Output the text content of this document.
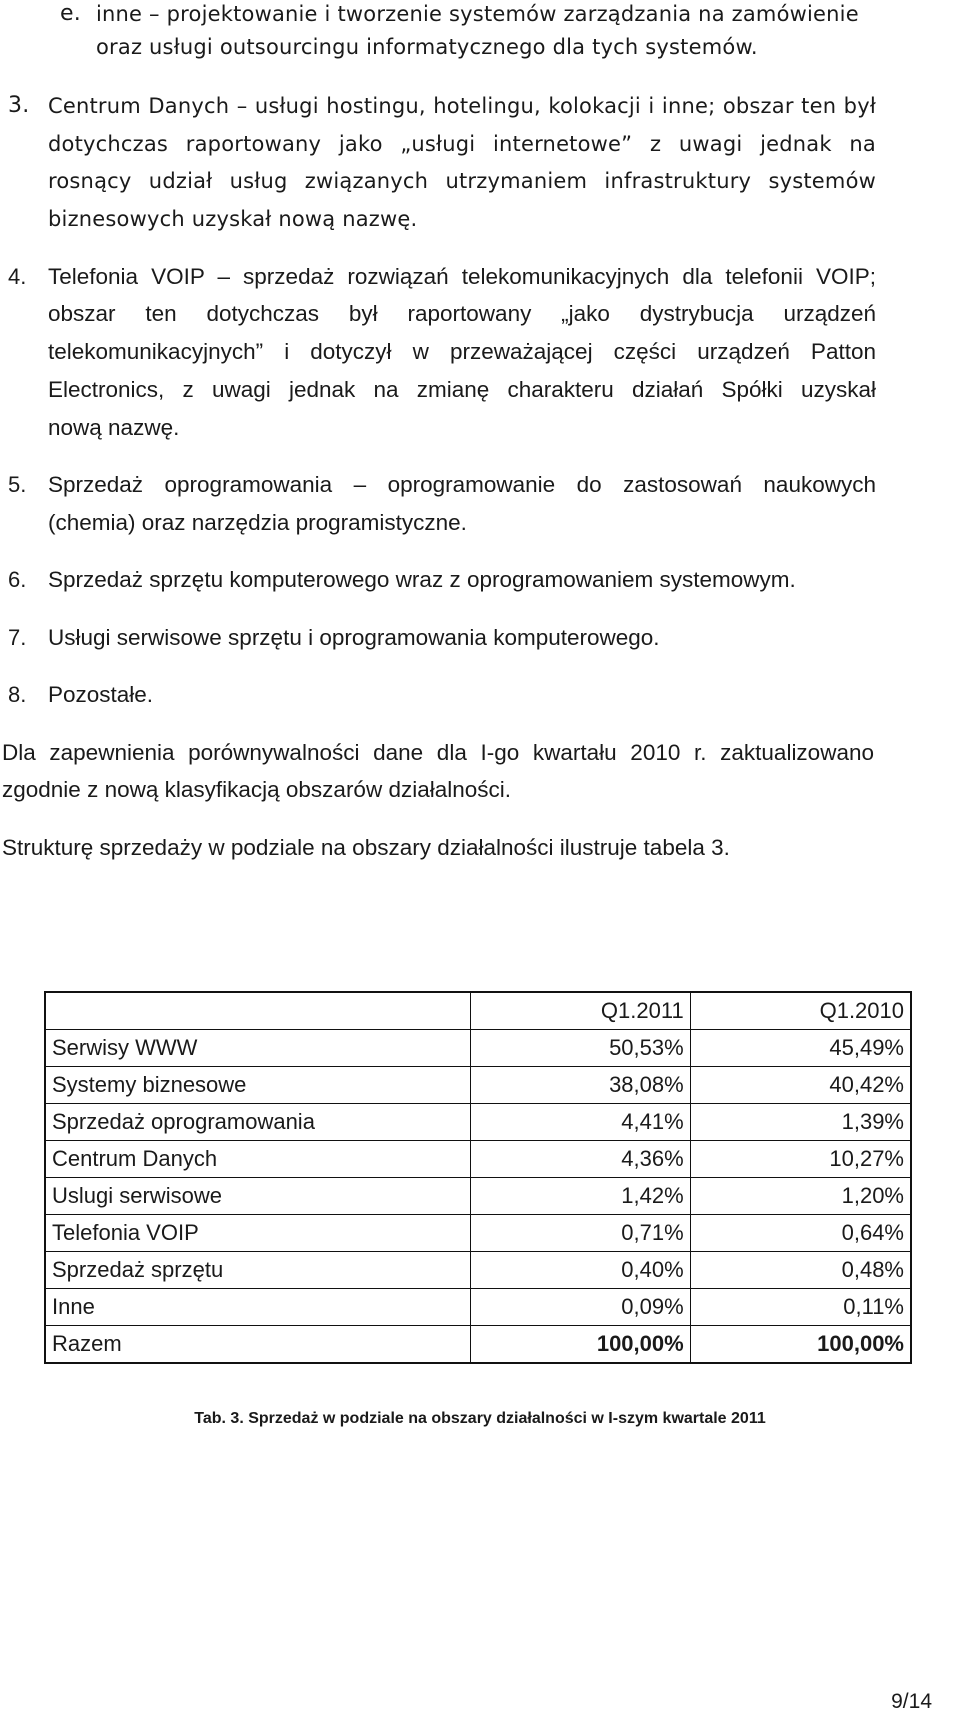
e. inne – projektowanie i tworzenie systemów zarządzania na zamówienie
oraz usługi outsourcingu informatycznego dla tych systemów.
3. Centrum Danych – usługi hostingu, hotelingu, kolokacji i inne; obszar ten był
dotychczas raportowany jako „usługi internetowe” z uwagi jednak na
rosnący udział usług związanych utrzymaniem infrastruktury systemów
biznesowych uzyskał nową nazwę.
4. Telefonia VOIP – sprzedaż rozwiązań telekomunikacyjnych dla telefonii VOIP;
obszar ten dotychczas był raportowany „jako dystrybucja urządzeń
telekomunikacyjnych” i dotyczył w przeważającej części urządzeń Patton
Electronics, z uwagi jednak na zmianę charakteru działań Spółki uzyskał
nową nazwę.
5. Sprzedaż oprogramowania – oprogramowanie do zastosowań naukowych
(chemia) oraz narzędzia programistyczne.
6. Sprzedaż sprzętu komputerowego wraz z oprogramowaniem systemowym.
7. Usługi serwisowe sprzętu i oprogramowania komputerowego.
8. Pozostałe.
Dla zapewnienia porównywalności dane dla I-go kwartału 2010 r. zaktualizowano
zgodnie z nową klasyfikacją obszarów działalności.
Strukturę sprzedaży w podziale na obszary działalności ilustruje tabela 3.
	Q1.2011	Q1.2010
Serwisy WWW	50,53%	45,49%
Systemy biznesowe	38,08%	40,42%
Sprzedaż oprogramowania	4,41%	1,39%
Centrum Danych	4,36%	10,27%
Uslugi serwisowe	1,42%	1,20%
Telefonia VOIP	0,71%	0,64%
Sprzedaż sprzętu	0,40%	0,48%
Inne	0,09%	0,11%
Razem	100,00%	100,00%
Tab. 3. Sprzedaż w podziale na obszary działalności w I-szym kwartale 2011
9/14
